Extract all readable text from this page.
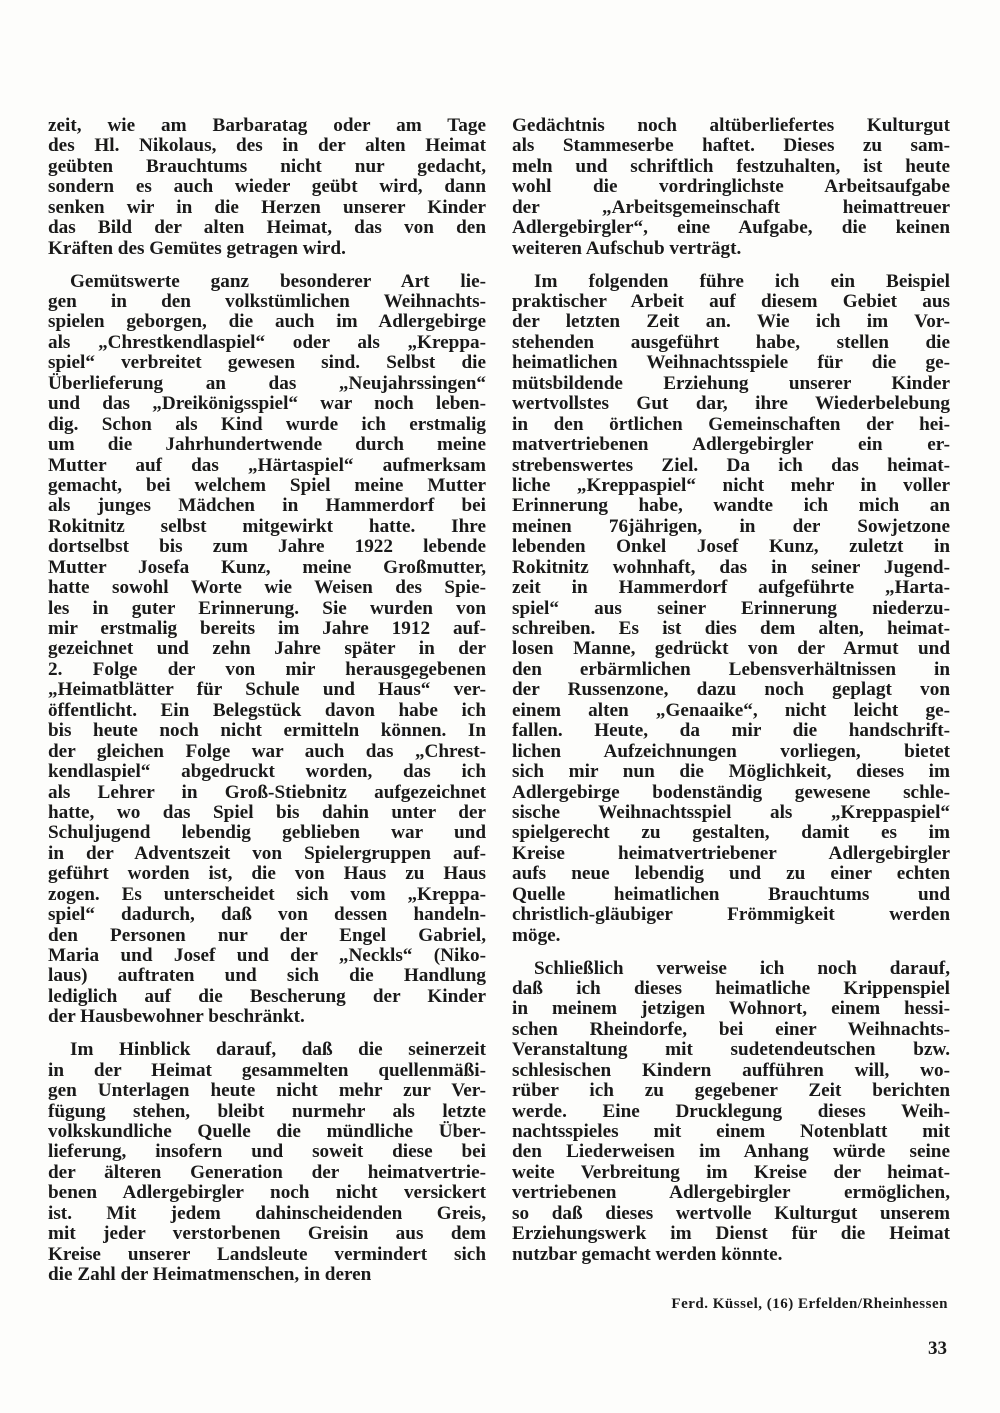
zeit, wie am Barbaratag oder am Tage
des Hl. Nikolaus, des in der alten Heimat
geübten Brauchtums nicht nur gedacht,
sondern es auch wieder geübt wird, dann
senken wir in die Herzen unserer Kinder
das Bild der alten Heimat, das von den
Kräften des Gemütes getragen wird.
Gemütswerte ganz besonderer Art lie-
gen in den volkstümlichen Weihnachts-
spielen geborgen, die auch im Adlergebirge
als „Chrestkendlaspiel“ oder als „Kreppa-
spiel“ verbreitet gewesen sind. Selbst die
Überlieferung an das „Neujahrssingen“
und das „Dreikönigsspiel“ war noch leben-
dig. Schon als Kind wurde ich erstmalig
um die Jahrhundertwende durch meine
Mutter auf das „Härtaspiel“ aufmerksam
gemacht, bei welchem Spiel meine Mutter
als junges Mädchen in Hammerdorf bei
Rokitnitz selbst mitgewirkt hatte. Ihre
dortselbst bis zum Jahre 1922 lebende
Mutter Josefa Kunz, meine Großmutter,
hatte sowohl Worte wie Weisen des Spie-
les in guter Erinnerung. Sie wurden von
mir erstmalig bereits im Jahre 1912 auf-
gezeichnet und zehn Jahre später in der
2. Folge der von mir herausgegebenen
„Heimatblätter für Schule und Haus“ ver-
öffentlicht. Ein Belegstück davon habe ich
bis heute noch nicht ermitteln können. In
der gleichen Folge war auch das „Chrest-
kendlaspiel“ abgedruckt worden, das ich
als Lehrer in Groß-Stiebnitz aufgezeichnet
hatte, wo das Spiel bis dahin unter der
Schuljugend lebendig geblieben war und
in der Adventszeit von Spielergruppen auf-
geführt worden ist, die von Haus zu Haus
zogen. Es unterscheidet sich vom „Kreppa-
spiel“ dadurch, daß von dessen handeln-
den Personen nur der Engel Gabriel,
Maria und Josef und der „Neckls“ (Niko-
laus) auftraten und sich die Handlung
lediglich auf die Bescherung der Kinder
der Hausbewohner beschränkt.
Im Hinblick darauf, daß die seinerzeit
in der Heimat gesammelten quellenmäßi-
gen Unterlagen heute nicht mehr zur Ver-
fügung stehen, bleibt nurmehr als letzte
volkskundliche Quelle die mündliche Über-
lieferung, insofern und soweit diese bei
der älteren Generation der heimatvertrie-
benen Adlergebirgler noch nicht versickert
ist. Mit jedem dahinscheidenden Greis,
mit jeder verstorbenen Greisin aus dem
Kreise unserer Landsleute vermindert sich
die Zahl der Heimatmenschen, in deren
Gedächtnis noch altüberliefertes Kulturgut
als Stammeserbe haftet. Dieses zu sam-
meln und schriftlich festzuhalten, ist heute
wohl die vordringlichste Arbeitsaufgabe
der „Arbeitsgemeinschaft heimattreuer
Adlergebirgler“, eine Aufgabe, die keinen
weiteren Aufschub verträgt.
Im folgenden führe ich ein Beispiel
praktischer Arbeit auf diesem Gebiet aus
der letzten Zeit an. Wie ich im Vor-
stehenden ausgeführt habe, stellen die
heimatlichen Weihnachtsspiele für die ge-
mütsbildende Erziehung unserer Kinder
wertvollstes Gut dar, ihre Wiederbelebung
in den örtlichen Gemeinschaften der hei-
matvertriebenen Adlergebirgler ein er-
strebenswertes Ziel. Da ich das heimat-
liche „Kreppaspiel“ nicht mehr in voller
Erinnerung habe, wandte ich mich an
meinen 76jährigen, in der Sowjetzone
lebenden Onkel Josef Kunz, zuletzt in
Rokitnitz wohnhaft, das in seiner Jugend-
zeit in Hammerdorf aufgeführte „Harta-
spiel“ aus seiner Erinnerung niederzu-
schreiben. Es ist dies dem alten, heimat-
losen Manne, gedrückt von der Armut und
den erbärmlichen Lebensverhältnissen in
der Russenzone, dazu noch geplagt von
einem alten „Genaaike“, nicht leicht ge-
fallen. Heute, da mir die handschrift-
lichen Aufzeichnungen vorliegen, bietet
sich mir nun die Möglichkeit, dieses im
Adlergebirge bodenständig gewesene schle-
sische Weihnachtsspiel als „Kreppaspiel“
spielgerecht zu gestalten, damit es im
Kreise heimatvertriebener Adlergebirgler
aufs neue lebendig und zu einer echten
Quelle heimatlichen Brauchtums und
christlich-gläubiger Frömmigkeit werden
möge.
Schließlich verweise ich noch darauf,
daß ich dieses heimatliche Krippenspiel
in meinem jetzigen Wohnort, einem hessi-
schen Rheindorfe, bei einer Weihnachts-
Veranstaltung mit sudetendeutschen bzw.
schlesischen Kindern aufführen will, wo-
rüber ich zu gegebener Zeit berichten
werde. Eine Drucklegung dieses Weih-
nachtsspieles mit einem Notenblatt mit
den Liederweisen im Anhang würde seine
weite Verbreitung im Kreise der heimat-
vertriebenen Adlergebirgler ermöglichen,
so daß dieses wertvolle Kulturgut unserem
Erziehungswerk im Dienst für die Heimat
nutzbar gemacht werden könnte.
Ferd. Küssel, (16) Erfelden/Rheinhessen
33
